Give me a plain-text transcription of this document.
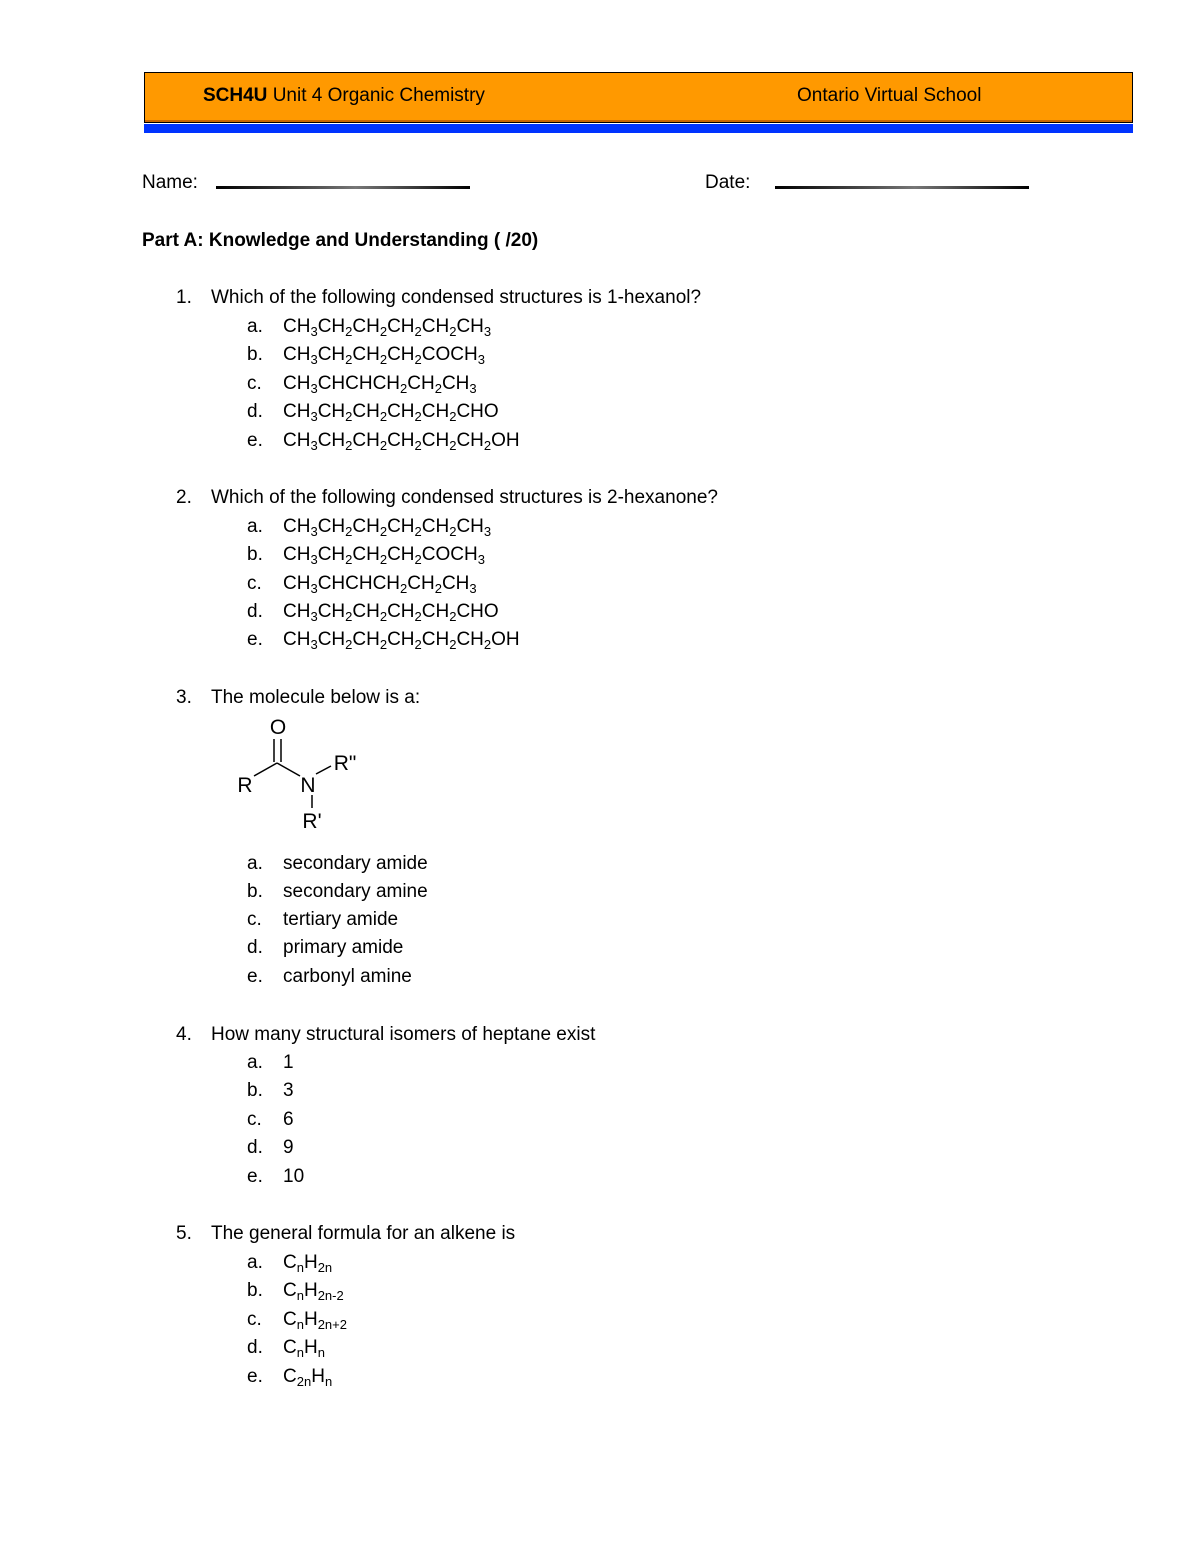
SCH4U Unit 4 Organic Chemistry	Ontario Virtual School
Name:	Date:
Part A: Knowledge and Understanding ( /20)
1. Which of the following condensed structures is 1-hexanol?
a. $CH_3CH_2CH_2CH_2CH_2CH_3$
b. $CH_3CH_2CH_2CH_2COCH_3$
c. $CH_3CHCHCH_2CH_2CH_3$
d. $CH_3CH_2CH_2CH_2CH_2CHO$
e. $CH_3CH_2CH_2CH_2CH_2CH_2OH$
2. Which of the following condensed structures is 2-hexanone?
a. $CH_3CH_2CH_2CH_2CH_2CH_3$
b. $CH_3CH_2CH_2CH_2COCH_3$
c. $CH_3CHCHCH_2CH_2CH_3$
d. $CH_3CH_2CH_2CH_2CH_2CHO$
e. $CH_3CH_2CH_2CH_2CH_2CH_2OH$
3. The molecule below is a:
O
R N
R"
R'
a. secondary amide
b. secondary amine
c. tertiary amide
d. primary amide
e. carbonyl amine
4. How many structural isomers of heptane exist
a. 1
b. 3
c. 6
d. 9
e. 10
5. The general formula for an alkene is
a. $C_nH_{2n}$
b. $C_nH_{2n-2}$
c. $C_nH_{2n+2}$
d. $C_nH_n$
e. $C_{2n}H_n$
